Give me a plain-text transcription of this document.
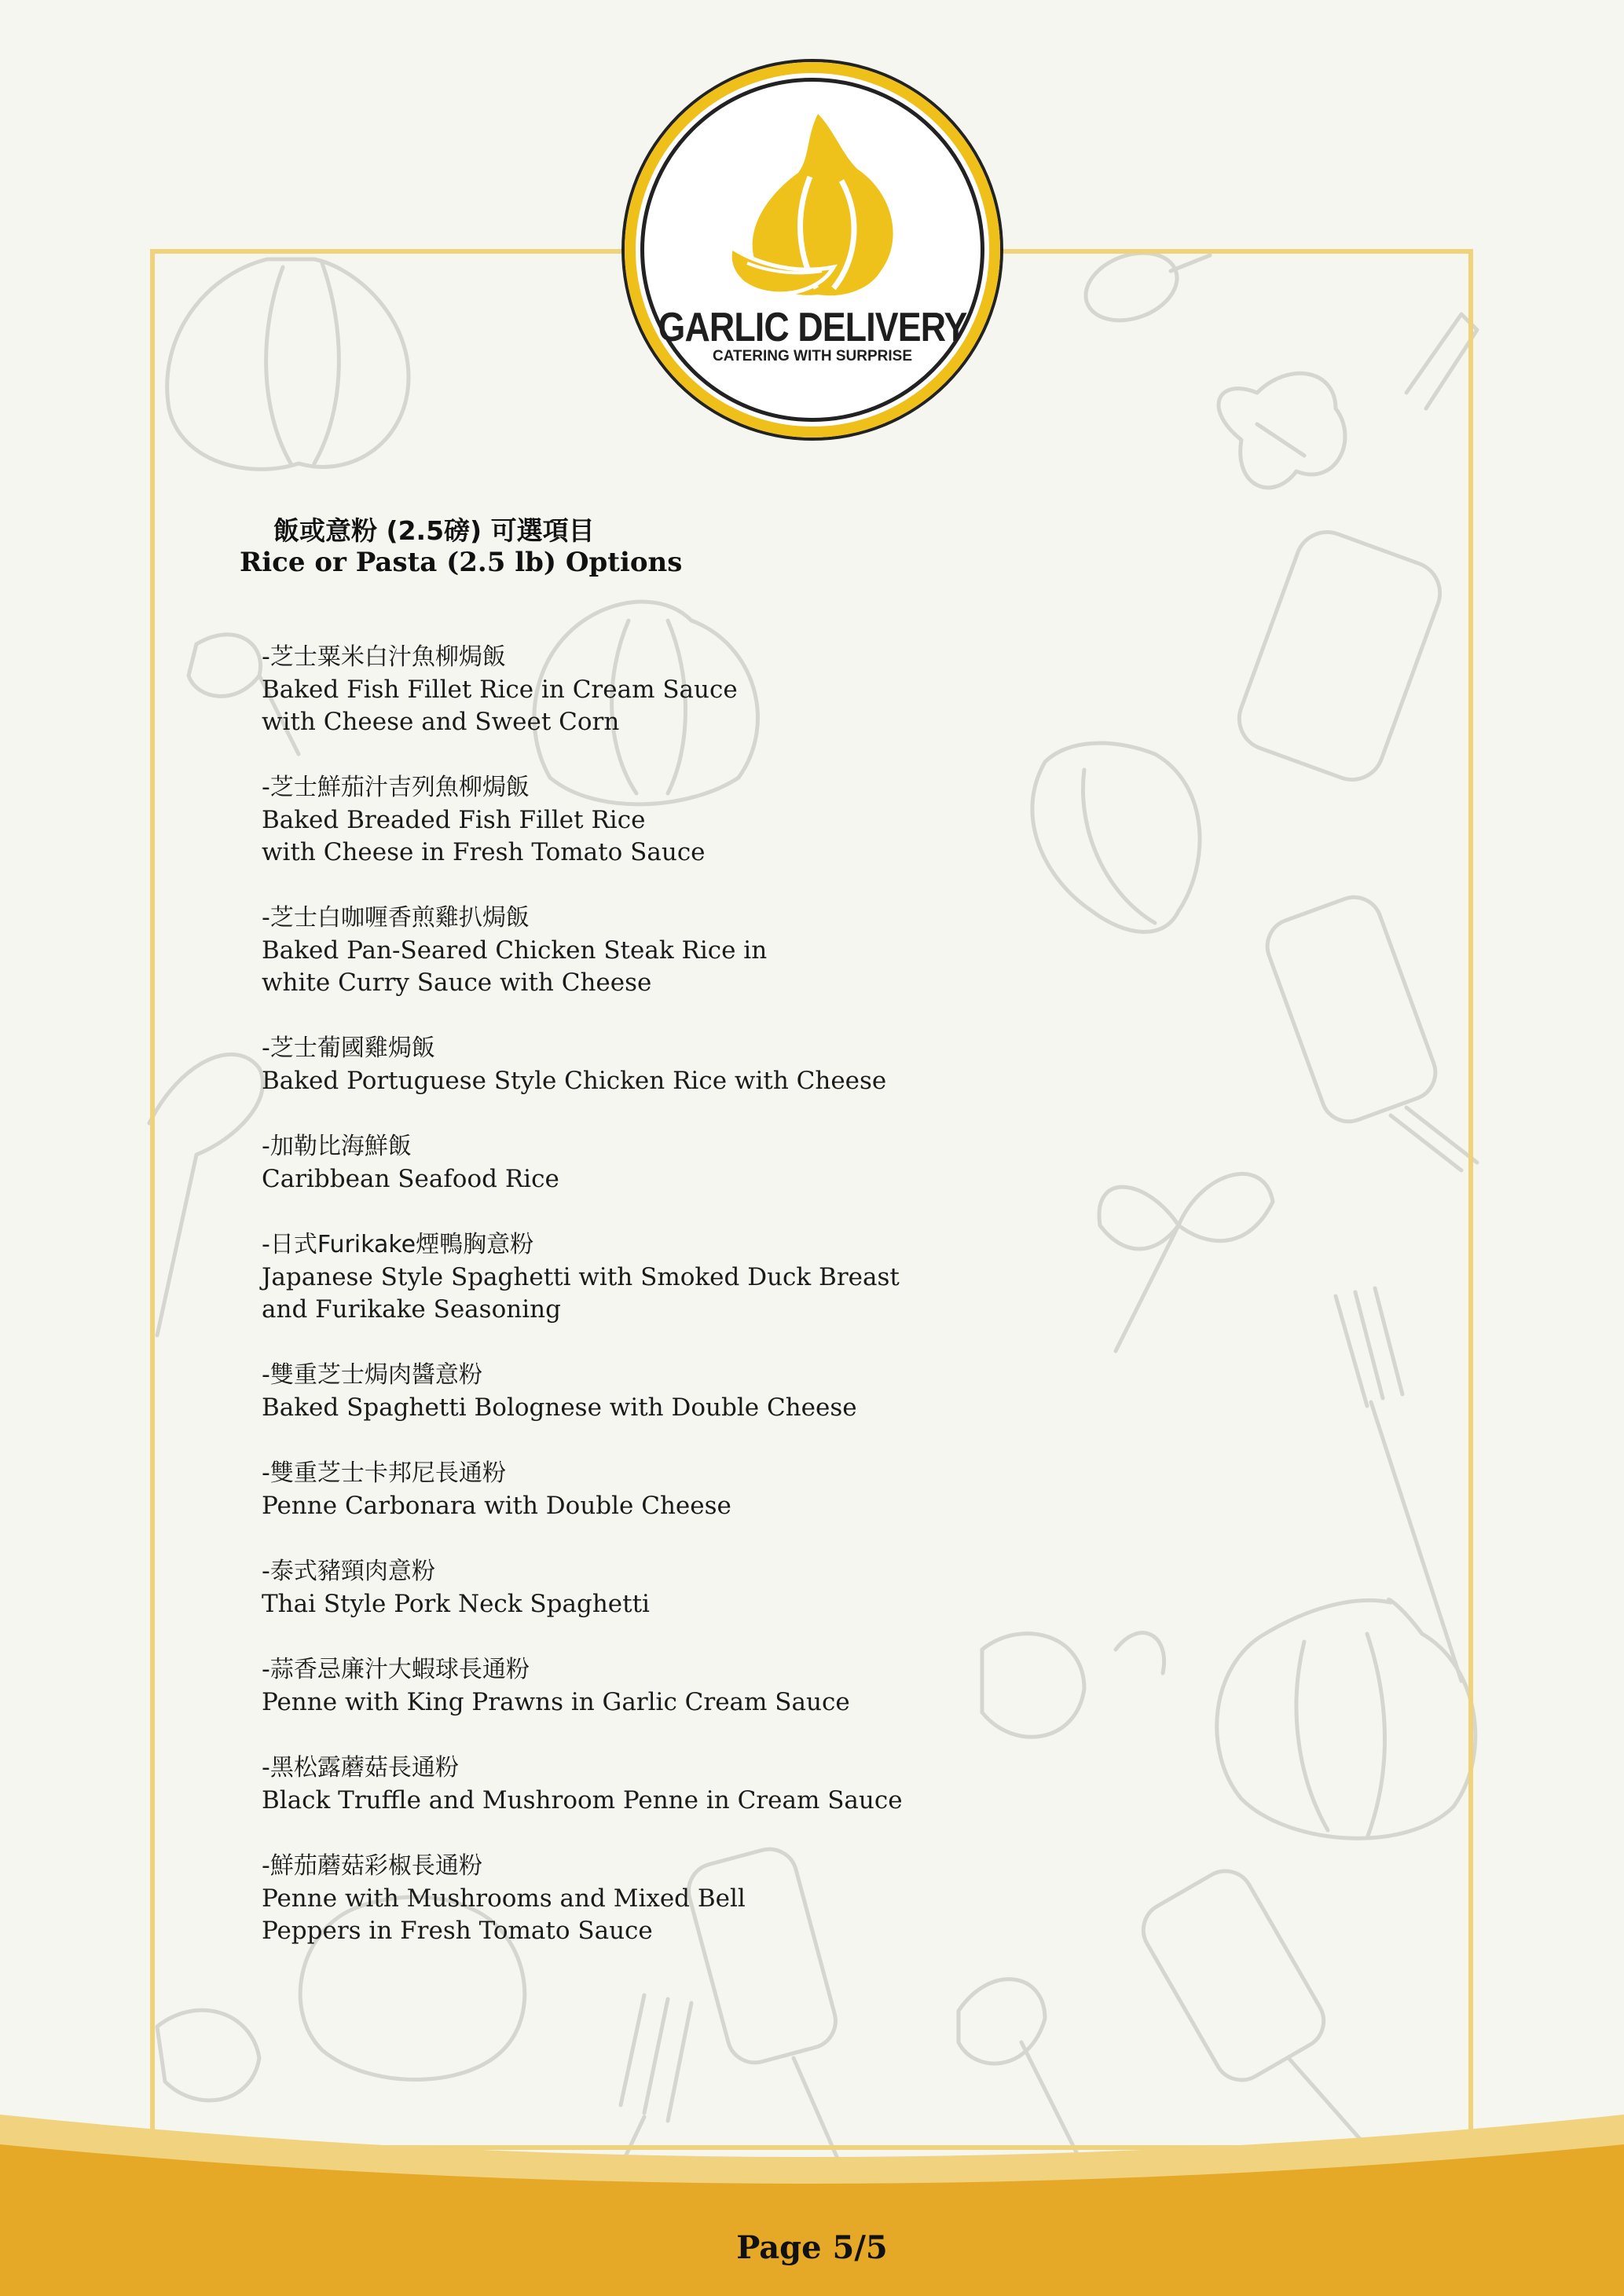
Page 5/5
GARLIC DELIVERY
CATERING WITH SURPRISE
飯或意粉 (2.5磅) 可選項目
Rice or Pasta (2.5 lb) Options
-芝士粟米白汁魚柳焗飯
Baked Fish Fillet Rice in Cream Sauce
with Cheese and Sweet Corn
-芝士鮮茄汁吉列魚柳焗飯
Baked Breaded Fish Fillet Rice
with Cheese in Fresh Tomato Sauce
-芝士白咖喱香煎雞扒焗飯
Baked Pan-Seared Chicken Steak Rice in
white Curry Sauce with Cheese
-芝士葡國雞焗飯
Baked Portuguese Style Chicken Rice with Cheese
-加勒比海鮮飯
Caribbean Seafood Rice
-日式Furikake煙鴨胸意粉
Japanese Style Spaghetti with Smoked Duck Breast
and Furikake Seasoning
-雙重芝士焗肉醬意粉
Baked Spaghetti Bolognese with Double Cheese
-雙重芝士卡邦尼長通粉
Penne Carbonara with Double Cheese
-泰式豬頸肉意粉
Thai Style Pork Neck Spaghetti
-蒜香忌廉汁大蝦球長通粉
Penne with King Prawns in Garlic Cream Sauce
-黑松露蘑菇長通粉
Black Truffle and Mushroom Penne in Cream Sauce
-鮮茄蘑菇彩椒長通粉
Penne with Mushrooms and Mixed Bell
Peppers in Fresh Tomato Sauce
